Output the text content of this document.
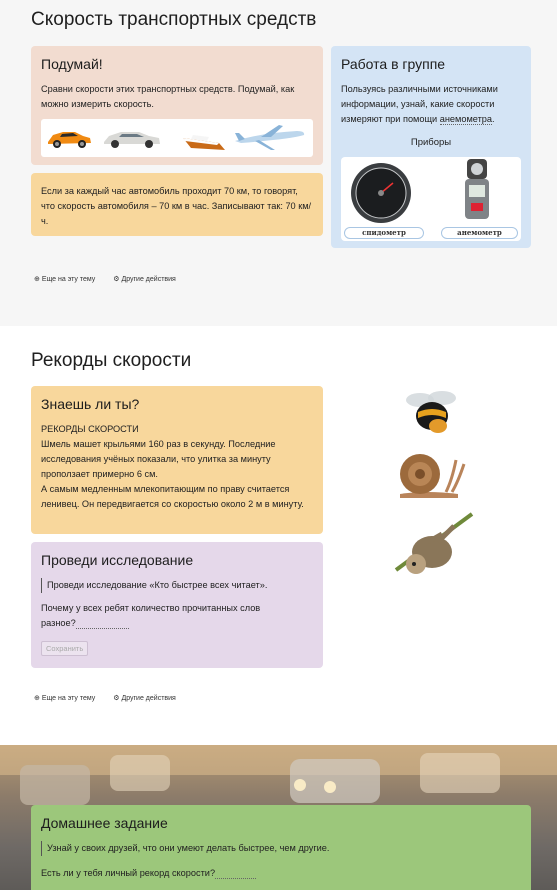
Скорость транспортных средств
Подумай!

Сравни скорости этих транспортных средств. Подумай, как можно измерить скорость.

Если за каждый час автомобиль проходит 70 км, то говорят, что скорость автомобиля – 70 км в час. Записывают так: 70 км/ч.

Работа в группе

Пользуясь различными источниками информации, узнай, какие скорости измеряют при помощи анемометра.

Приборы
спидометр	анемометр
⊕ Еще на эту тему	⚙ Другие действия
Рекорды скорости
Знаешь ли ты?

РЕКОРДЫ СКОРОСТИ

Шмель машет крыльями 160 раз в секунду. Последние исследования учёных показали, что улитка за минуту проползает примерно 6 см.

А самым медленным млекопитающим по праву считается ленивец. Он передвигается со скоростью около 2 м в минуту.

Проведи исследование

Проведи исследование «Кто быстрее всех читает».

Почему у всех ребят количество прочитанных слов разное?

Сохранить
⊕ Еще на эту тему	⚙ Другие действия
Домашнее задание

Узнай у своих друзей, что они умеют делать быстрее, чем другие.

Есть ли у тебя личный рекорд скорости?
